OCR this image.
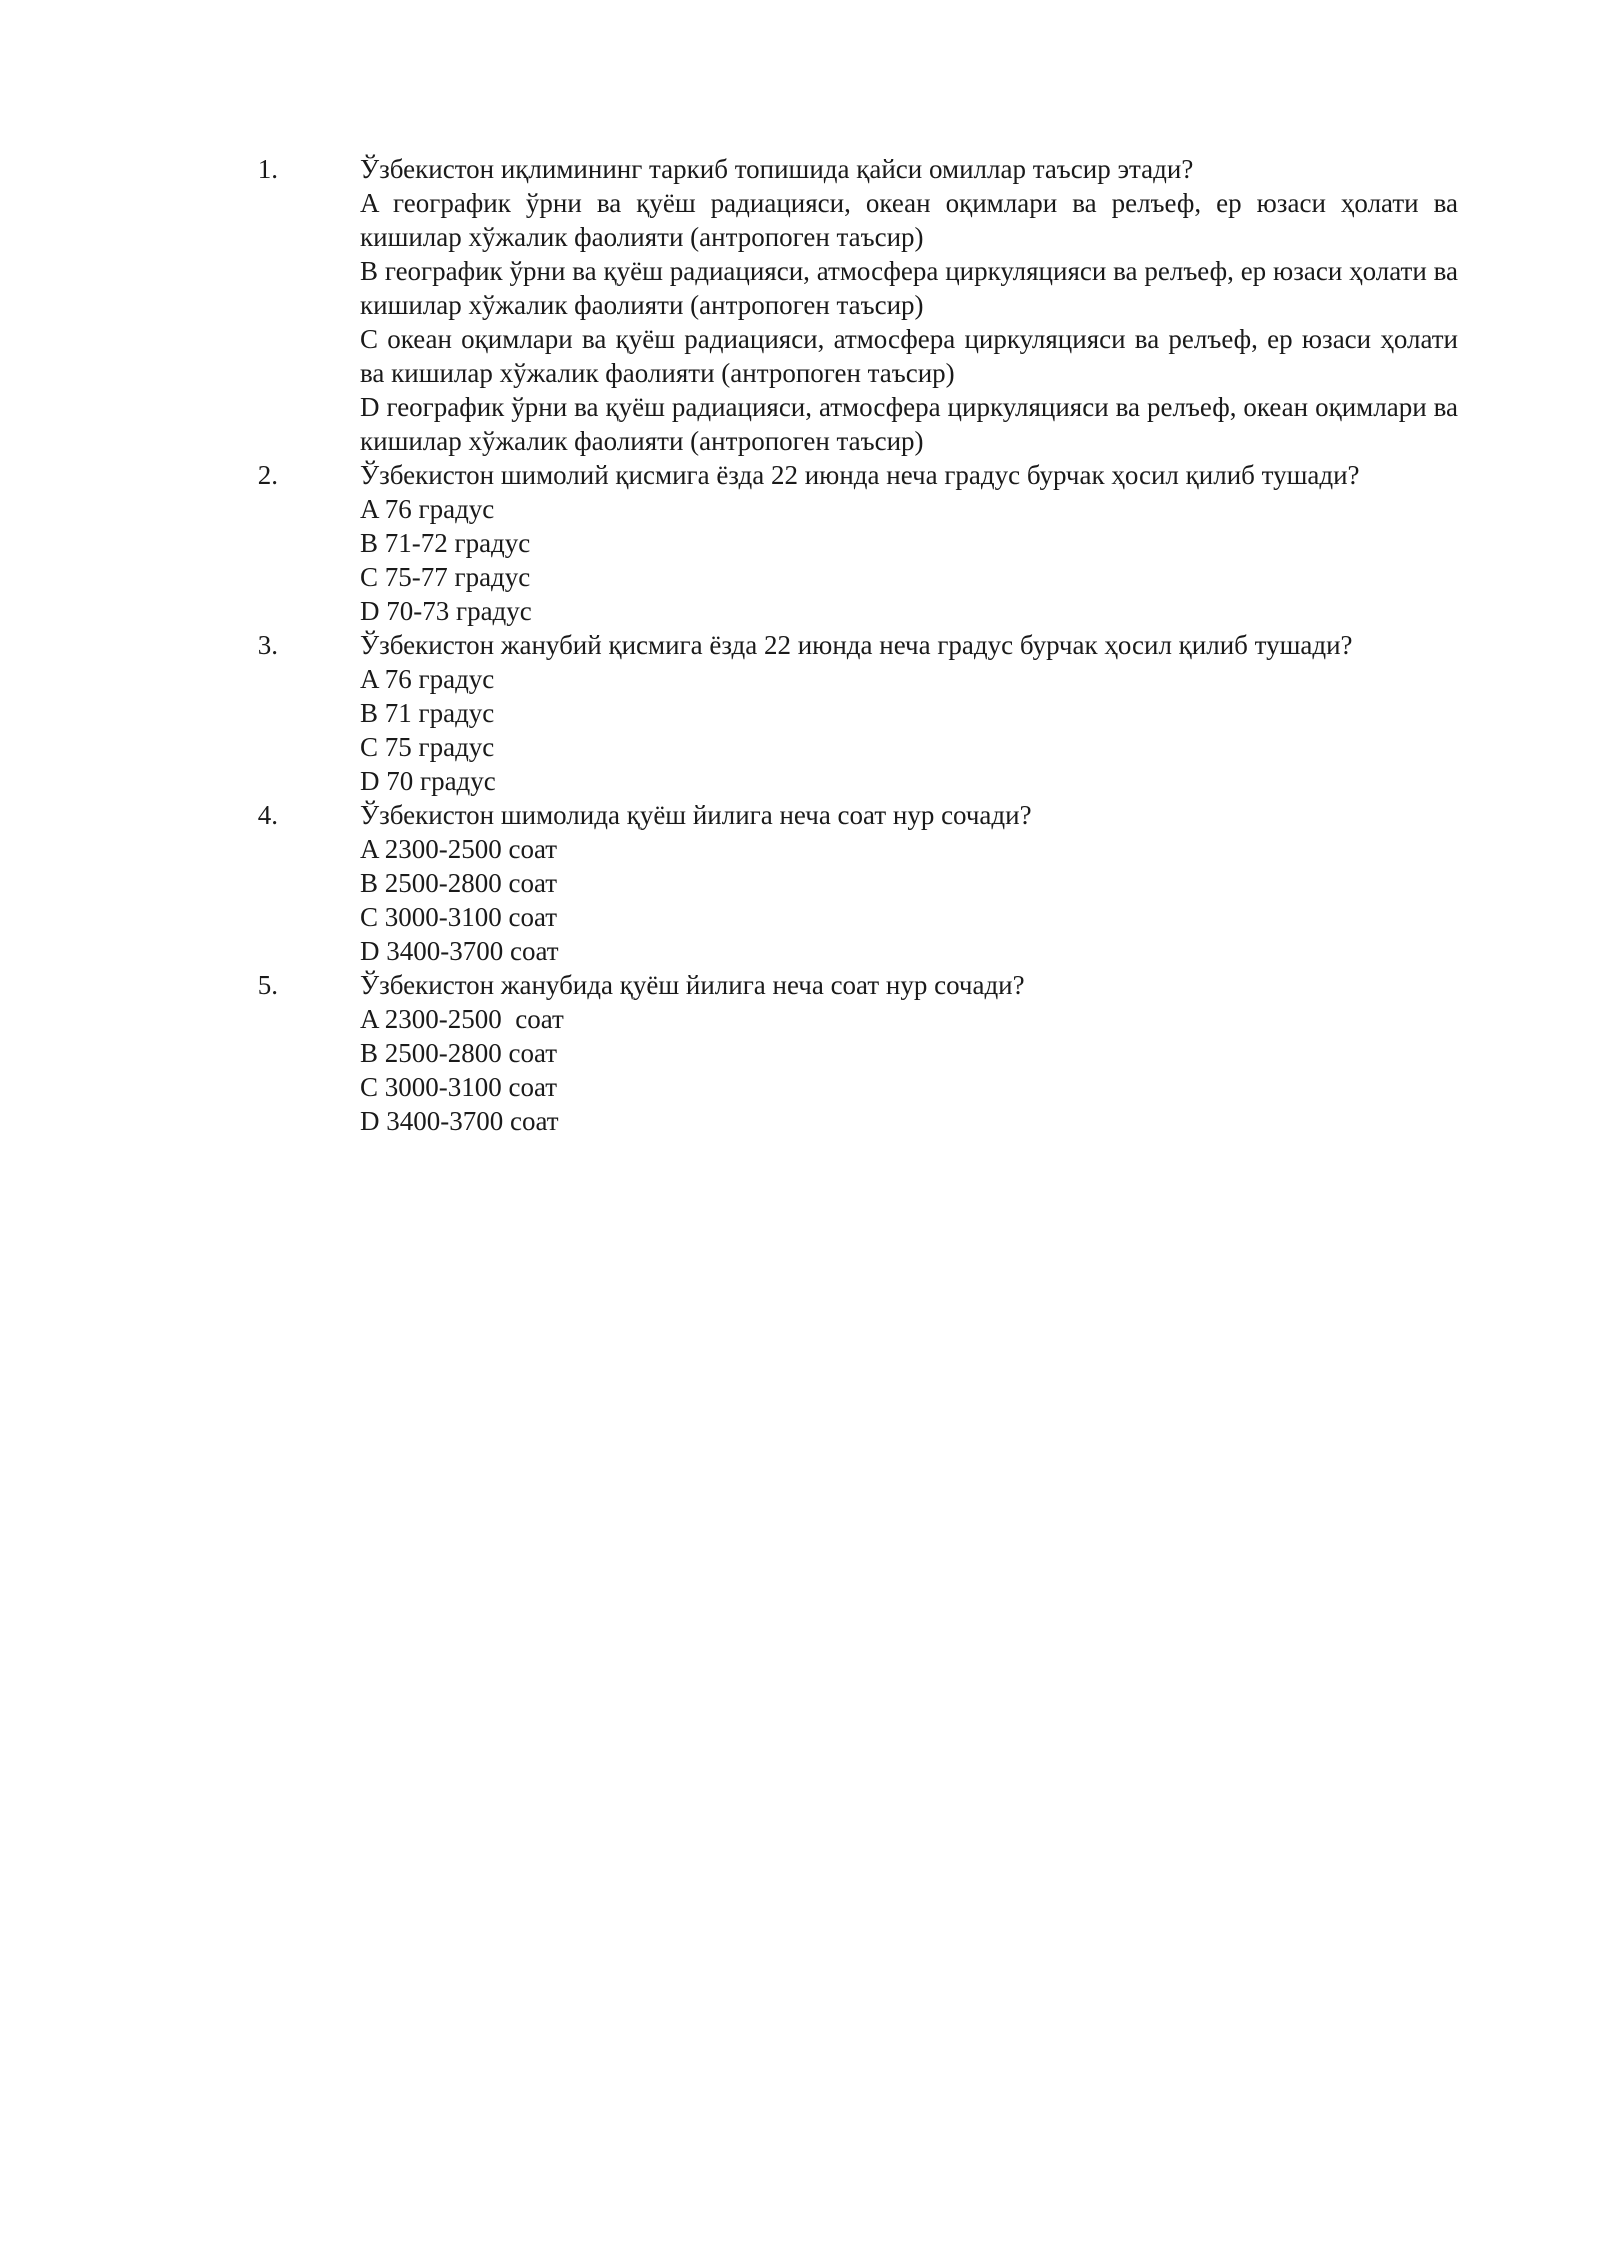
1.	Ўзбекистон иқлимининг таркиб топишида қайси омиллар таъсир этади?
A географик ўрни ва қуёш радиацияси, океан оқимлари ва релъеф, ер юзаси ҳолати ва кишилар хўжалик фаолияти (антропоген таъсир)
B географик ўрни ва қуёш радиацияси, атмосфера циркуляцияси ва релъеф, ер юзаси ҳолати ва кишилар хўжалик фаолияти (антропоген таъсир)
C океан оқимлари ва қуёш радиацияси, атмосфера циркуляцияси ва релъеф, ер юзаси ҳолати ва кишилар хўжалик фаолияти (антропоген таъсир)
D географик ўрни ва қуёш радиацияси, атмосфера циркуляцияси ва релъеф, океан оқимлари ва кишилар хўжалик фаолияти (антропоген таъсир)
2.	Ўзбекистон шимолий қисмига ёзда 22 июнда неча градус бурчак ҳосил қилиб тушади?
A 76 градус
B 71-72 градус
C 75-77 градус
D 70-73 градус
3.	Ўзбекистон жанубий қисмига ёзда 22 июнда неча градус бурчак ҳосил қилиб тушади?
A 76 градус
B 71 градус
C 75 градус
D 70 градус
4.	Ўзбекистон шимолида қуёш йилига неча соат нур сочади?
A 2300-2500 соат
B 2500-2800 соат
C 3000-3100 соат
D 3400-3700 соат
5.	Ўзбекистон жанубида қуёш йилига неча соат нур сочади?
A 2300-2500  соат
B 2500-2800 соат
C 3000-3100 соат
D 3400-3700 соат
